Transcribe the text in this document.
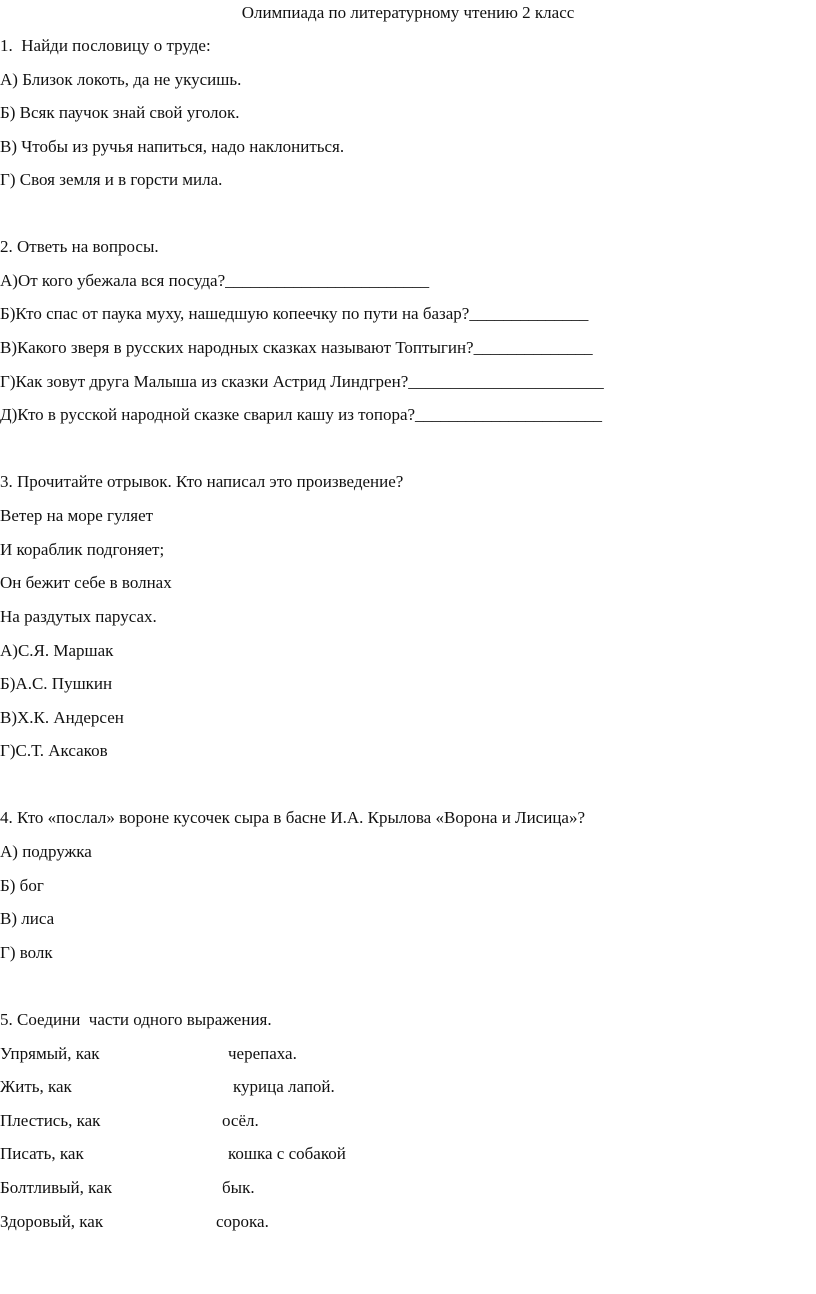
Олимпиада по литературному чтению 2 класс
1.  Найди пословицу о труде:
А) Близок локоть, да не укусишь.
Б) Всяк паучок знай свой уголок.
В) Чтобы из ручья напиться, надо наклониться.
Г) Своя земля и в горсти мила.
2. Ответь на вопросы.
А)От кого убежала вся посуда?________________________
Б)Кто спас от паука муху, нашедшую копеечку по пути на базар?______________
В)Какого зверя в русских народных сказках называют Топтыгин?______________
Г)Как зовут друга Малыша из сказки Астрид Линдгрен?_______________________
Д)Кто в русской народной сказке сварил кашу из топора?______________________
3. Прочитайте отрывок. Кто написал это произведение?
Ветер на море гуляет
И кораблик подгоняет;
Он бежит себе в волнах
На раздутых парусах.
А)С.Я. Маршак
Б)А.С. Пушкин
В)Х.К. Андерсен
Г)С.Т. Аксаков
4. Кто «послал» вороне кусочек сыра в басне И.А. Крылова «Ворона и Лисица»?
А) подружка
Б) бог
В) лиса
Г) волк
5. Соедини  части одного выражения.
Упрямый, как	черепаха.
Жить, как	курица лапой.
Плестись, как	осёл.
Писать, как	кошка с собакой
Болтливый, как	бык.
Здоровый, как	сорока.
